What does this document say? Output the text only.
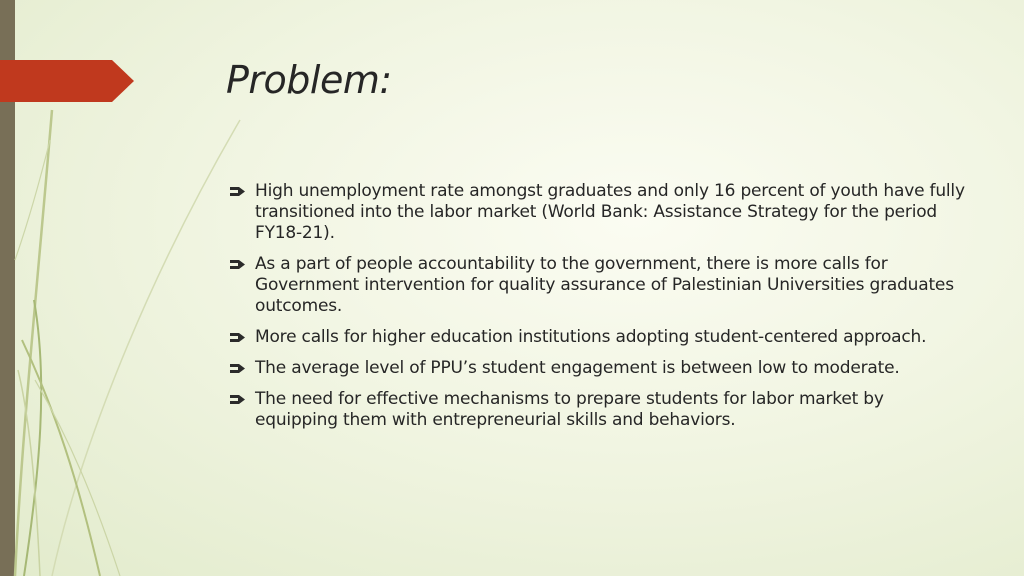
Problem:
High unemployment rate amongst graduates and only 16 percent of youth have fully transitioned into the labor market (World Bank: Assistance Strategy for the period FY18-21).
As a part of people accountability to the government, there is more calls for Government intervention for quality assurance of Palestinian Universities graduates outcomes.
More calls for higher education institutions adopting student-centered approach.
The average level of PPU’s student engagement is between low to moderate.
The need for effective mechanisms to prepare students for labor market by equipping them with entrepreneurial skills and behaviors.
